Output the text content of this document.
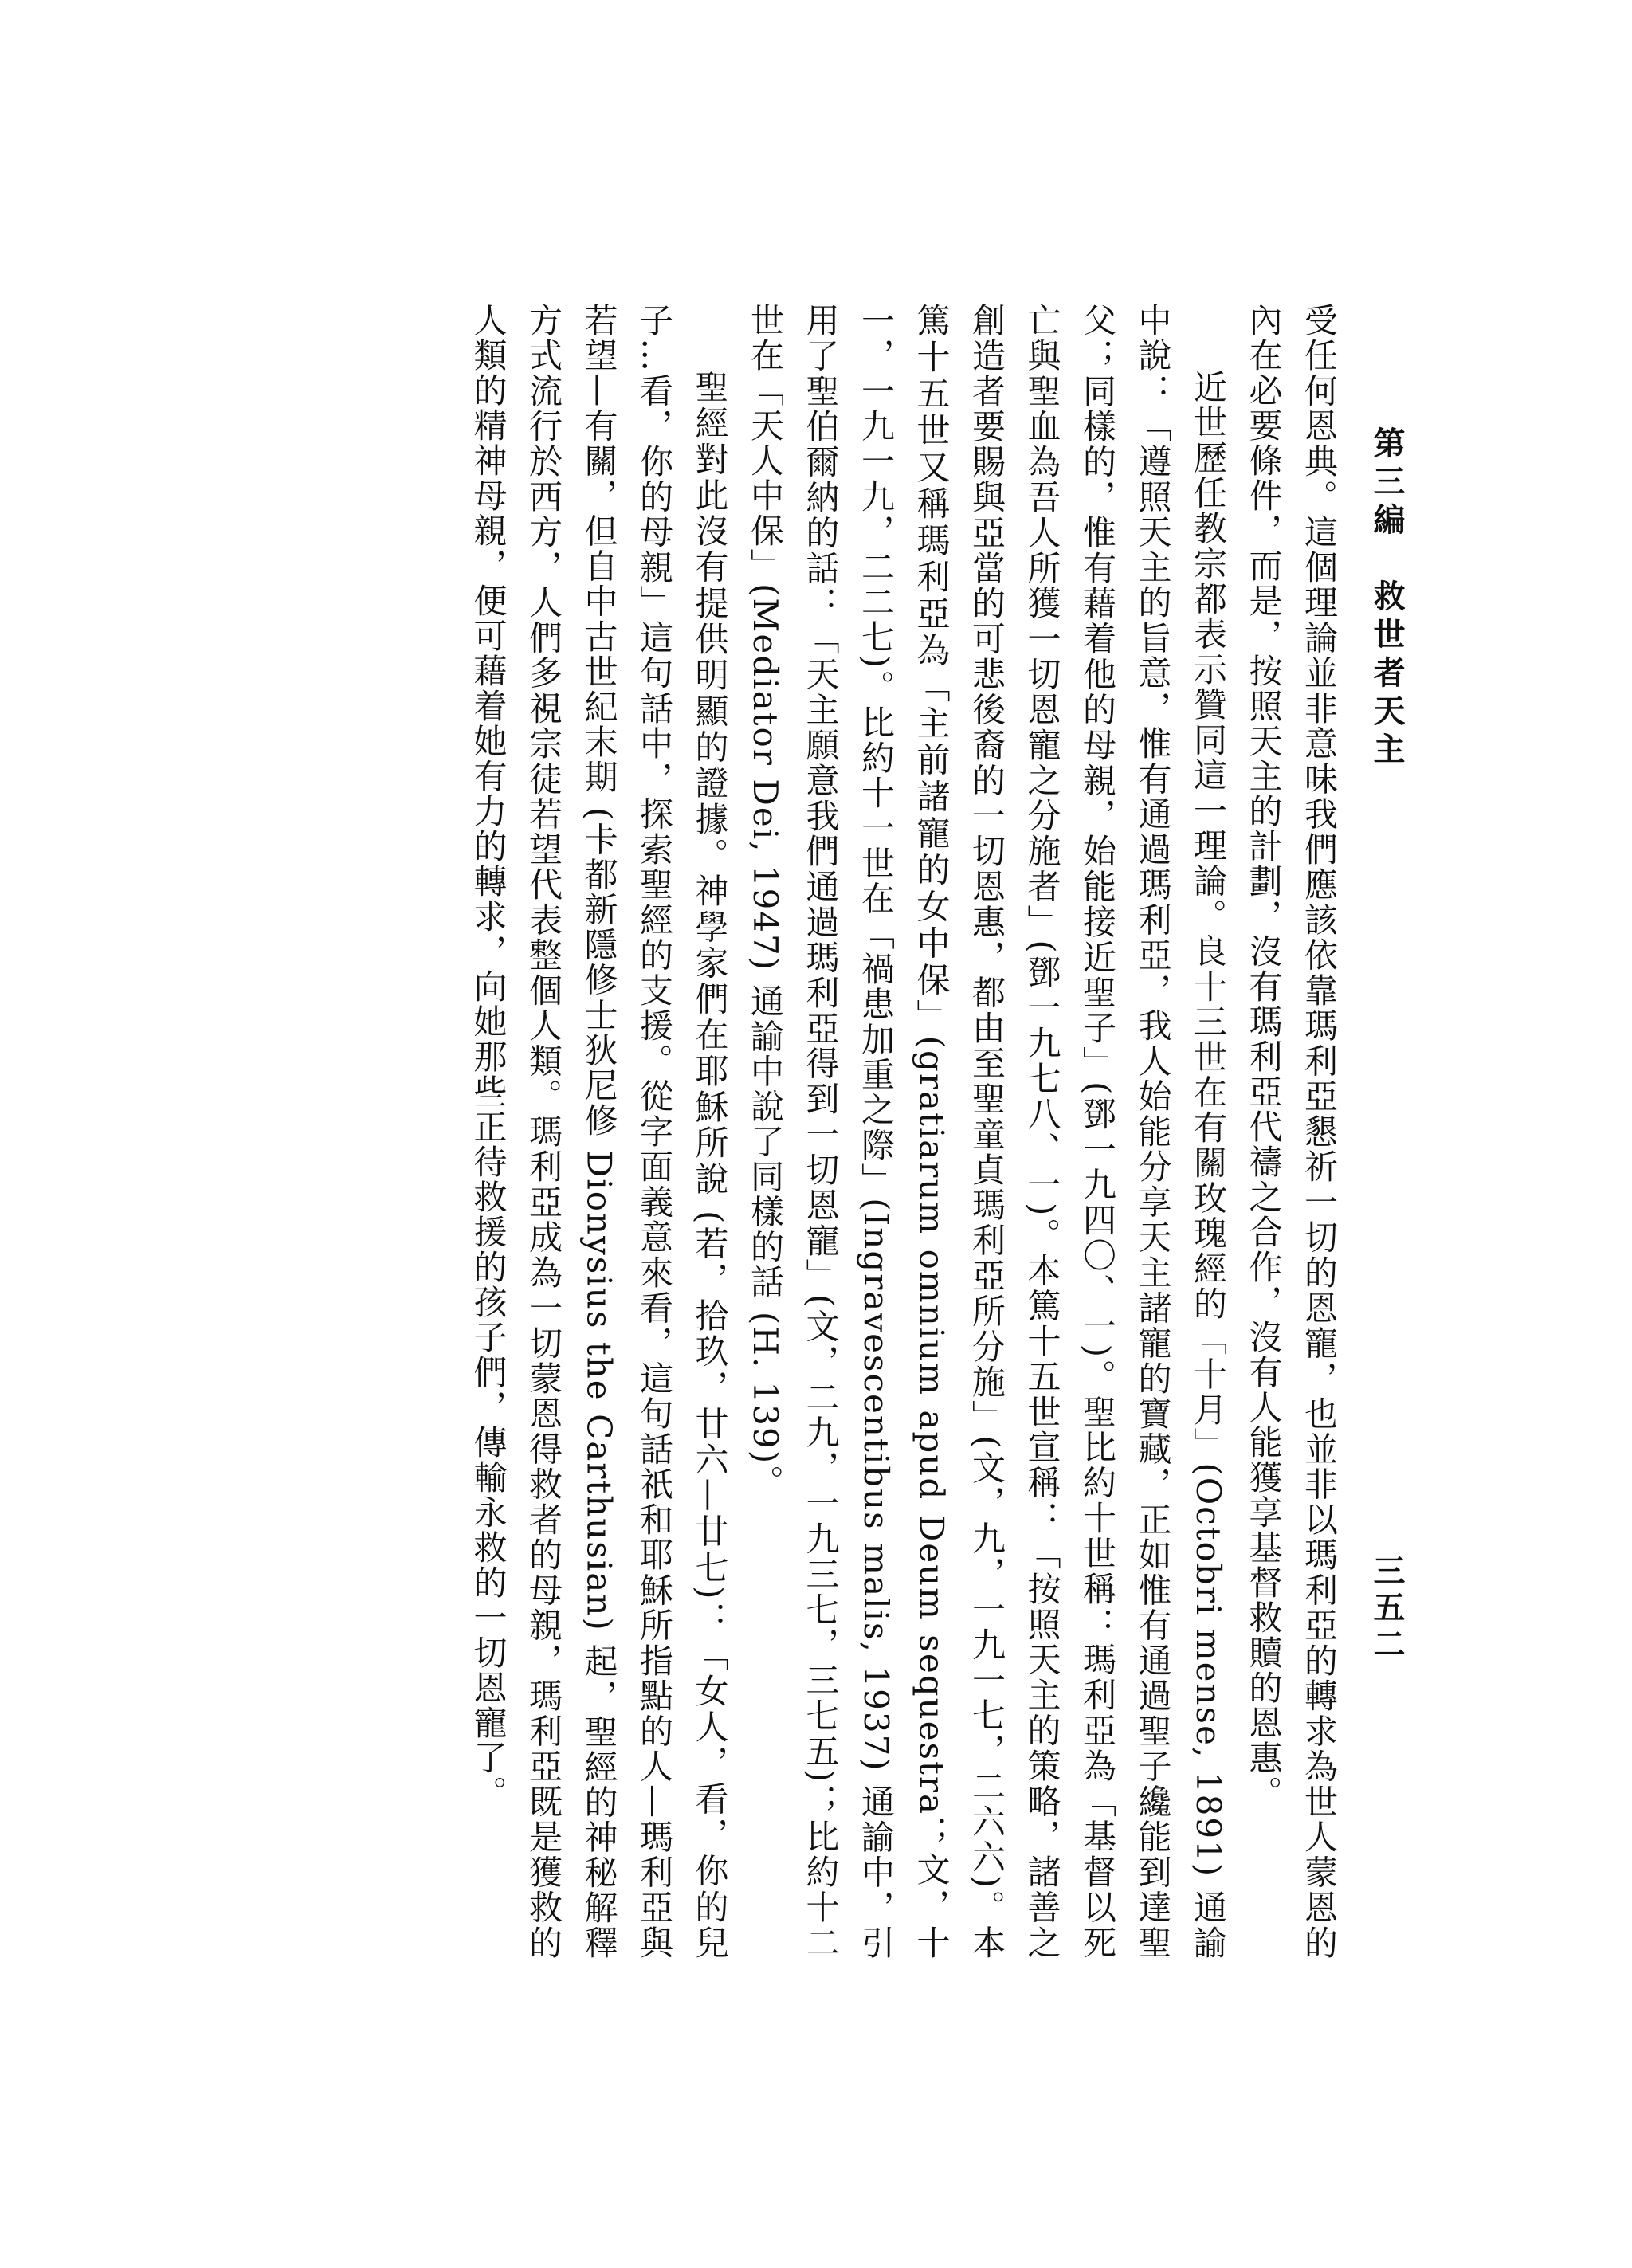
第三編　救世者天主
三五二

受任何恩典。這個理論並非意味我們應該依靠瑪利亞懇祈一切的恩寵，也並非以瑪利亞的轉求為世人蒙恩的內在必要條件，而是，按照天主的計劃，沒有瑪利亞代禱之合作，沒有人能獲享基督救贖的恩惠。

近世歷任教宗都表示贊同這一理論。良十三世在有關玫瑰經的「十月」(Octobri mense, 1891) 通諭中說：「遵照天主的旨意，惟有通過瑪利亞，我人始能分享天主諸寵的寶藏，正如惟有通過聖子纔能到達聖父；同樣的，惟有藉着他的母親，始能接近聖子」(鄧一九四〇、一)。聖比約十世稱：瑪利亞為「基督以死亡與聖血為吾人所獲一切恩寵之分施者」(鄧一九七八、一)。本篤十五世宣稱：「按照天主的策略，諸善之創造者要賜與亞當的可悲後裔的一切恩惠，都由至聖童貞瑪利亞所分施」(文，九，一九一七，二六六)。本篤十五世又稱瑪利亞為「主前諸寵的女中保」(gratiarum omnium apud Deum sequestra；文，十一，一九一九，二二七)。比約十一世在「禍患加重之際」(Ingravescentibus malis, 1937) 通諭中，引用了聖伯爾納的話：「天主願意我們通過瑪利亞得到一切恩寵」(文，二九，一九三七，三七五)；比約十二世在「天人中保」(Mediator Dei, 1947) 通諭中說了同樣的話 (H. 139)。

聖經對此沒有提供明顯的證據。神學家們在耶穌所說 (若，拾玖，廿六—廿七)：「女人，看，你的兒子…看，你的母親」這句話中，探索聖經的支援。從字面義意來看，這句話祇和耶穌所指點的人—瑪利亞與若望—有關，但自中古世紀末期 (卡都新隱修士狄尼修 Dionysius the Carthusian) 起，聖經的神秘解釋方式流行於西方，人們多視宗徒若望代表整個人類。瑪利亞成為一切蒙恩得救者的母親，瑪利亞既是獲救的人類的精神母親，便可藉着她有力的轉求，向她那些正待救援的孩子們，傳輸永救的一切恩寵了。
